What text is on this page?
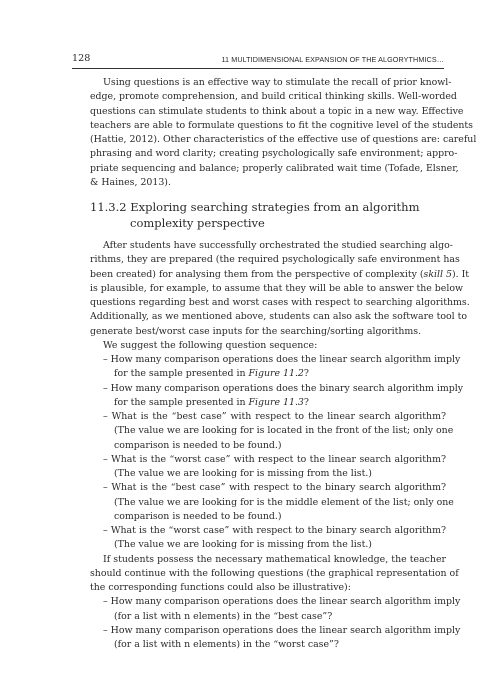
128	11 MULTIDIMENSIONAL EXPANSION OF THE ALGORYTHMICS…
Using questions is an effective way to stimulate the recall of prior knowl-
edge, promote comprehension, and build critical thinking skills. Well-worded
questions can stimulate students to think about a topic in a new way. Effective
teachers are able to formulate questions to fit the cognitive level of the students
(Hattie, 2012). Other characteristics of the effective use of questions are: careful
phrasing and word clarity; creating psychologically safe environment; appro-
priate sequencing and balance; properly calibrated wait time (Tofade, Elsner,
& Haines, 2013).
11.3.2 Exploring searching strategies from an algorithm
complexity perspective
After students have successfully orchestrated the studied searching algo-
rithms, they are prepared (the required psychologically safe environment has
been created) for analysing them from the perspective of complexity (skill 5). It
is plausible, for example, to assume that they will be able to answer the below
questions regarding best and worst cases with respect to searching algorithms.
Additionally, as we mentioned above, students can also ask the software tool to
generate best/worst case inputs for the searching/sorting algorithms.
We suggest the following question sequence:
– How many comparison operations does the linear search algorithm imply
for the sample presented in Figure 11.2?
– How many comparison operations does the binary search algorithm imply
for the sample presented in Figure 11.3?
– What is the “best case” with respect to the linear search algorithm?
(The value we are looking for is located in the front of the list; only one
comparison is needed to be found.)
– What is the “worst case” with respect to the linear search algorithm?
(The value we are looking for is missing from the list.)
– What is the “best case” with respect to the binary search algorithm?
(The value we are looking for is the middle element of the list; only one
comparison is needed to be found.)
– What is the “worst case” with respect to the binary search algorithm?
(The value we are looking for is missing from the list.)
If students possess the necessary mathematical knowledge, the teacher
should continue with the following questions (the graphical representation of
the corresponding functions could also be illustrative):
– How many comparison operations does the linear search algorithm imply
(for a list with n elements) in the “best case”?
– How many comparison operations does the linear search algorithm imply
(for a list with n elements) in the “worst case”?
